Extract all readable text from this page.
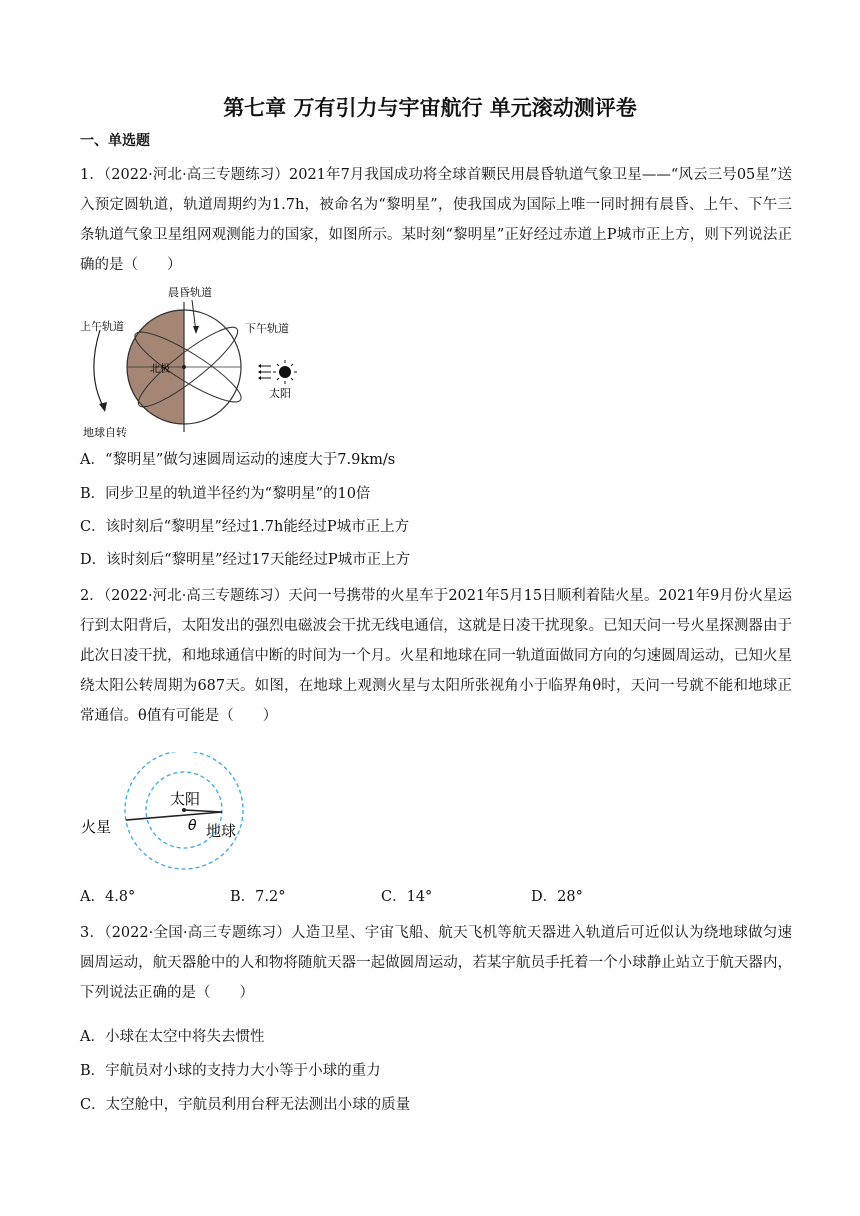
第七章 万有引力与宇宙航行 单元滚动测评卷
一、单选题
1．（2022·河北·高三专题练习）2021年7月我国成功将全球首颗民用晨昏轨道气象卫星——“风云三号05星”送入预定圆轨道，轨道周期约为1.7h，被命名为“黎明星”，使我国成为国际上唯一同时拥有晨昏、上午、下午三条轨道气象卫星组网观测能力的国家，如图所示。某时刻“黎明星”正好经过赤道上P城市正上方，则下列说法正确的是（　　）
晨昏轨道
上午轨道	下午轨道
北极
太阳
地球自转
A．“黎明星”做匀速圆周运动的速度大于7.9km/s
B．同步卫星的轨道半径约为“黎明星”的10倍
C．该时刻后“黎明星”经过1.7h能经过P城市正上方
D．该时刻后“黎明星”经过17天能经过P城市正上方
2．（2022·河北·高三专题练习）天问一号携带的火星车于2021年5月15日顺利着陆火星。2021年9月份火星运行到太阳背后，太阳发出的强烈电磁波会干扰无线电通信，这就是日凌干扰现象。已知天问一号火星探测器由于此次日凌干扰，和地球通信中断的时间为一个月。火星和地球在同一轨道面做同方向的匀速圆周运动，已知火星绕太阳公转周期为687天。如图，在地球上观测火星与太阳所张视角小于临界角θ时，天问一号就不能和地球正常通信。θ值有可能是（　　）
火星
太阳
地球
θ
A．4.8°	B．7.2°	C．14°	D．28°
3．（2022·全国·高三专题练习）人造卫星、宇宙飞船、航天飞机等航天器进入轨道后可近似认为绕地球做匀速圆周运动，航天器舱中的人和物将随航天器一起做圆周运动，若某宇航员手托着一个小球静止站立于航天器内，下列说法正确的是（　　）
A．小球在太空中将失去惯性
B．宇航员对小球的支持力大小等于小球的重力
C．太空舱中，宇航员利用台秤无法测出小球的质量
